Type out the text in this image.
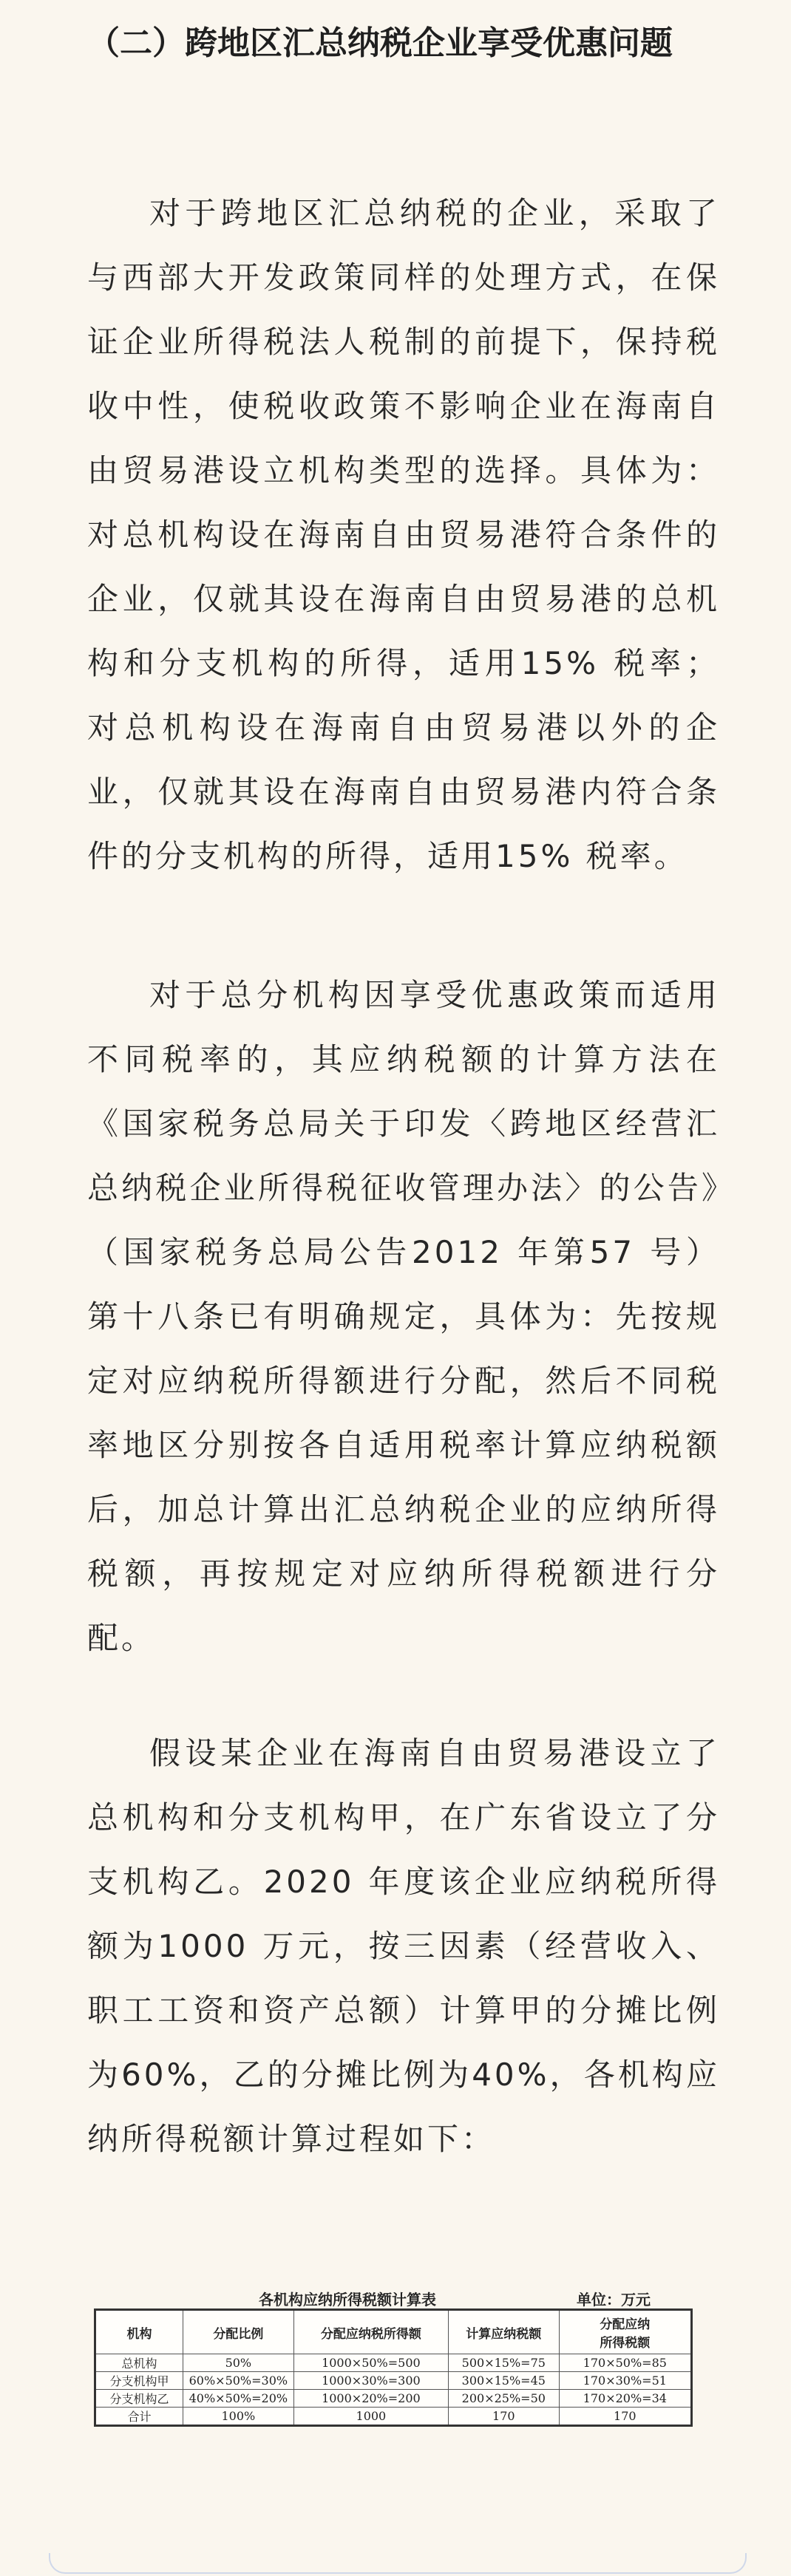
（二）跨地区汇总纳税企业享受优惠问题

对于跨地区汇总纳税的企业，采取了与西部大开发政策同样的处理方式，在保证企业所得税法人税制的前提下，保持税收中性，使税收政策不影响企业在海南自由贸易港设立机构类型的选择。具体为：对总机构设在海南自由贸易港符合条件的企业，仅就其设在海南自由贸易港的总机构和分支机构的所得，适用15% 税率；对总机构设在海南自由贸易港以外的企业，仅就其设在海南自由贸易港内符合条件的分支机构的所得，适用15% 税率。

对于总分机构因享受优惠政策而适用不同税率的，其应纳税额的计算方法在《国家税务总局关于印发〈跨地区经营汇总纳税企业所得税征收管理办法〉的公告》（国家税务总局公告2012 年第57 号）第十八条已有明确规定，具体为：先按规定对应纳税所得额进行分配，然后不同税率地区分别按各自适用税率计算应纳税额后，加总计算出汇总纳税企业的应纳所得税额，再按规定对应纳所得税额进行分配。

假设某企业在海南自由贸易港设立了总机构和分支机构甲，在广东省设立了分支机构乙。2020 年度该企业应纳税所得额为1000 万元，按三因素（经营收入、职工工资和资产总额）计算甲的分摊比例为60%，乙的分摊比例为40%，各机构应纳所得税额计算过程如下：

各机构应纳所得税额计算表	单位：万元
机构	分配比例	分配应纳税所得额	计算应纳税额	分配应纳
所得税额
总机构	50%	1000×50%=500	500×15%=75	170×50%=85
分支机构甲	60%×50%=30%	1000×30%=300	300×15%=45	170×30%=51
分支机构乙	40%×50%=20%	1000×20%=200	200×25%=50	170×20%=34
合计	100%	1000	170	170
